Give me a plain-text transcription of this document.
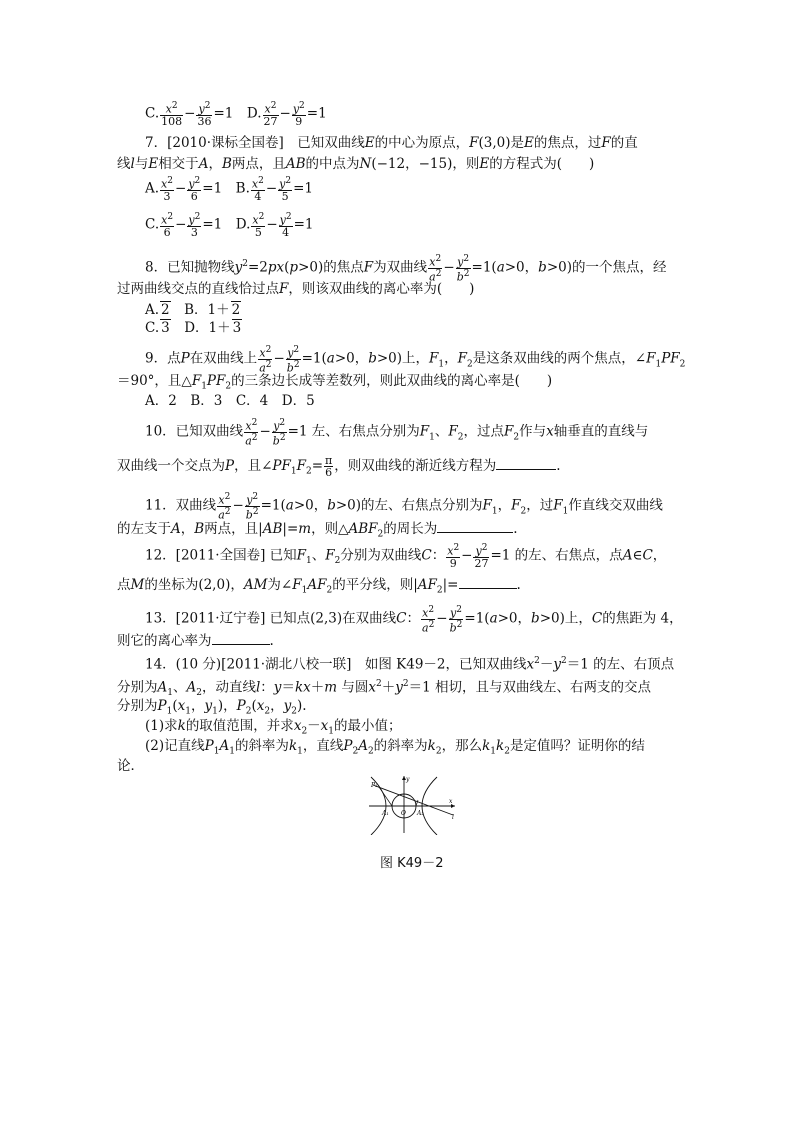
C. $\frac{x^2}{108} - \frac{y^2}{36} =1$　D. $\frac{x^2}{27} - \frac{y^2}{9} =1$
7．[2010·课标全国卷]　已知双曲线E的中心为原点，F(3,0)是E的焦点，过F的直
线l与E相交于A，B两点，且AB的中点为N(−12，−15)，则E的方程式为(　　)
A. $\frac{x^2}{3} - \frac{y^2}{6} =1$　B. $\frac{x^2}{4} - \frac{y^2}{5} =1$
C. $\frac{x^2}{6} - \frac{y^2}{3} =1$　D. $\frac{x^2}{5} - \frac{y^2}{4} =1$
8．已知抛物线$y^2=2px(p>0)$的焦点F为双曲线 $\frac{x^2}{a^2} - \frac{y^2}{b^2} =1(a>0$，b>0)的一个焦点，经
过两曲线交点的直线恰过点F，则该双曲线的离心率为(　　)
A. 2　B．1＋ 2
C. 3　D．1＋ 3
9．点P在双曲线上 $\frac{x^2}{a^2} - \frac{y^2}{b^2} =1(a>0$，b>0)上，$F_1$，$F_2$是这条双曲线的两个焦点，$\angle F_1PF_2$
＝90°，且$\triangle F_1PF_2$的三条边长成等差数列，则此双曲线的离心率是(　　)
A．2　B．3　C．4　D．5
10．已知双曲线 $\frac{x^2}{a^2} - \frac{y^2}{b^2} =1$ 左、右焦点分别为$F_1$、$F_2$，过点$F_2$作与x轴垂直的直线与
双曲线一个交点为P，且$\angle PF_1F_2= \frac{\pi}{6}$ ，则双曲线的渐近线方程为	.
11．双曲线 $\frac{x^2}{a^2} - \frac{y^2}{b^2} =1(a>0$，b>0)的左、右焦点分别为$F_1$，$F_2$，过$F_1$作直线交双曲线
的左支于A，B两点，且|AB|=m，则$\triangle ABF_2$的周长为	.
12．[2011·全国卷] 已知$F_1$、$F_2$分别为双曲线C： $\frac{x^2}{9} - \frac{y^2}{27} =1$ 的左、右焦点，点A∈C，
点M的坐标为(2,0)，AM为$\angle F_1AF_2$的平分线，则$|AF_2|=$	.
13．[2011·辽宁卷] 已知点(2,3)在双曲线C： $\frac{x^2}{a^2} - \frac{y^2}{b^2} =1(a>0$，b>0)上，C的焦距为 4，
则它的离心率为	.
14．(10 分)[2011·湖北八校一联]　如图 K49－2，已知双曲线$x^2-y^2=1$ 的左、右顶点
分别为$A_1$、$A_2$，动直线l：y＝kx＋m 与圆$x^2+y^2=1$ 相切，且与双曲线左、右两支的交点
分别为$P_1(x_1$，$y_1$)，$P_2(x_2$，$y_2$).
(1)求k的取值范围，并求$x_2-x_1$的最小值；
(2)记直线$P_1A_1$的斜率为$k_1$，直线$P_2A_2$的斜率为$k_2$，那么$k_1k_2$是定值吗？证明你的结
论．
y
x
l
P₁
A₁ O A₂
图 K49－2
